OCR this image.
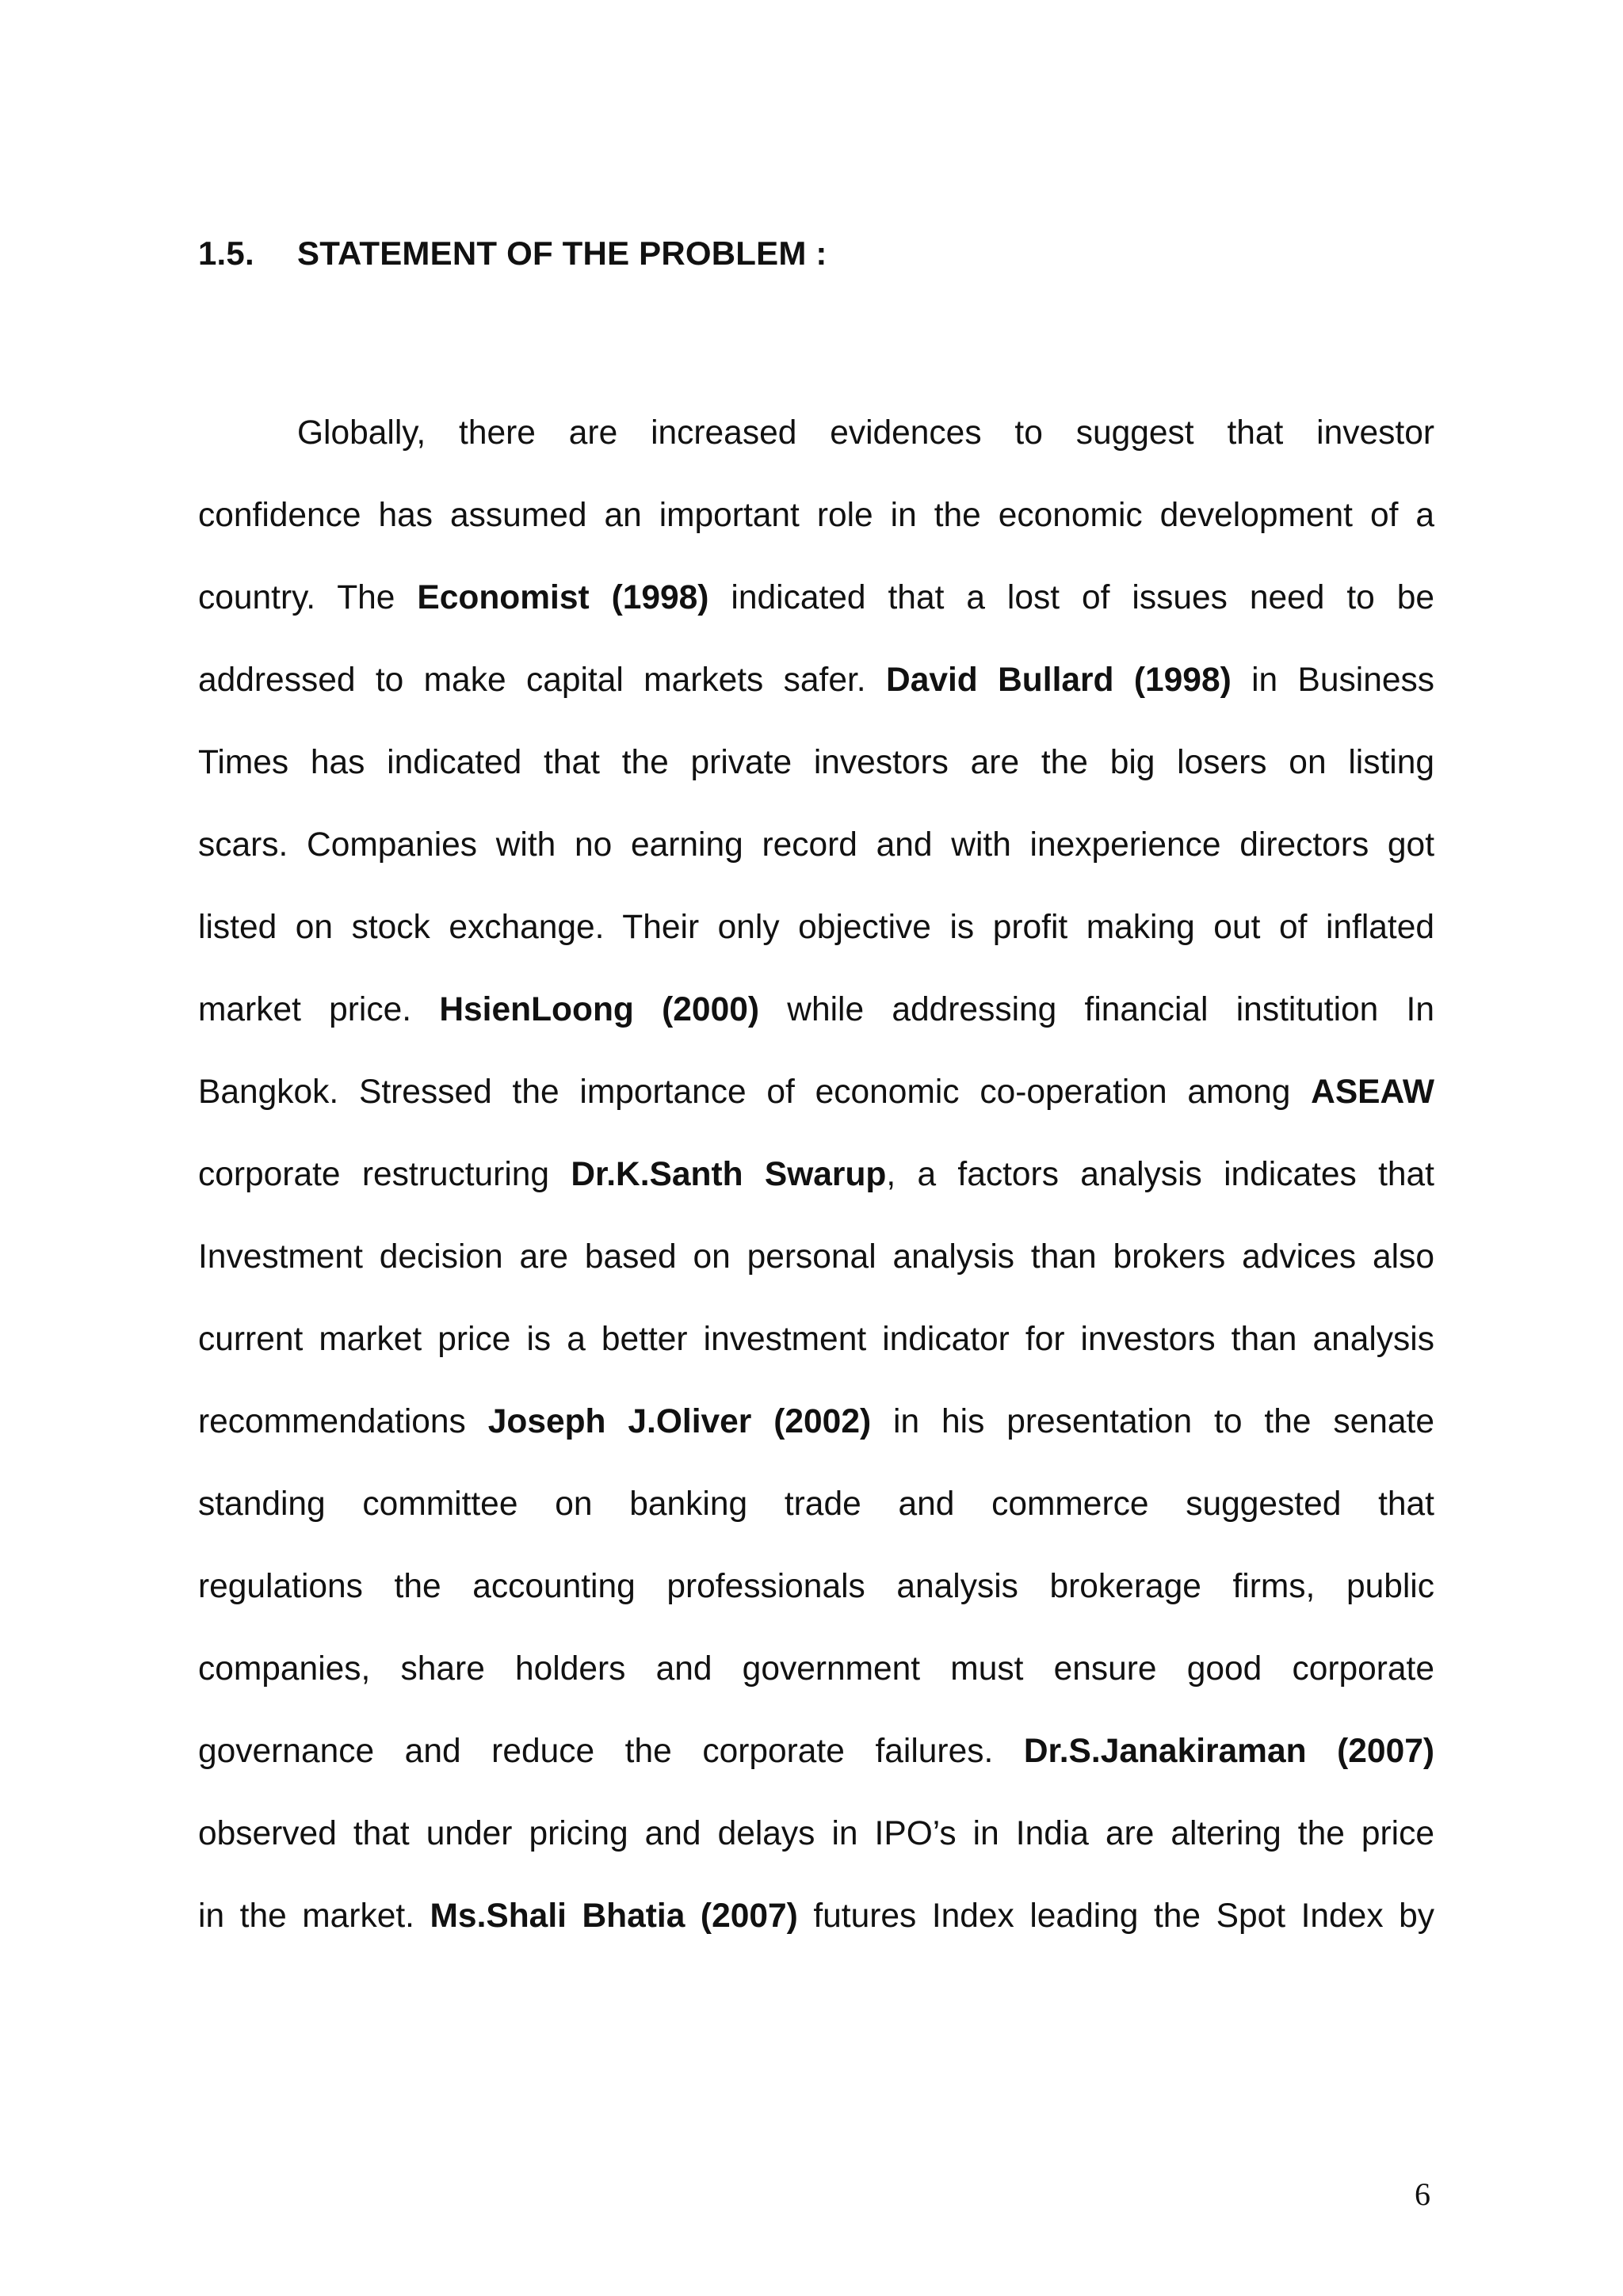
1.5. STATEMENT OF THE PROBLEM :
Globally, there are increased evidences to suggest that investor
confidence has assumed an important role in the economic development of a
country. The Economist (1998) indicated that a lost of issues need to be
addressed to make capital markets safer. David Bullard (1998) in Business
Times has indicated that the private investors are the big losers on listing
scars. Companies with no earning record and with inexperience directors got
listed on stock exchange. Their only objective is profit making out of inflated
market price. HsienLoong (2000) while addressing financial institution In
Bangkok. Stressed the importance of economic co-operation among ASEAW
corporate restructuring Dr.K.Santh Swarup, a factors analysis indicates that
Investment decision are based on personal analysis than brokers advices also
current market price is a better investment indicator for investors than analysis
recommendations Joseph J.Oliver (2002) in his presentation to the senate
standing committee on banking trade and commerce suggested that
regulations the accounting professionals analysis brokerage firms, public
companies, share holders and government must ensure good corporate
governance and reduce the corporate failures. Dr.S.Janakiraman (2007)
observed that under pricing and delays in IPO’s in India are altering the price
in the market. Ms.Shali Bhatia (2007) futures Index leading the Spot Index by
6
